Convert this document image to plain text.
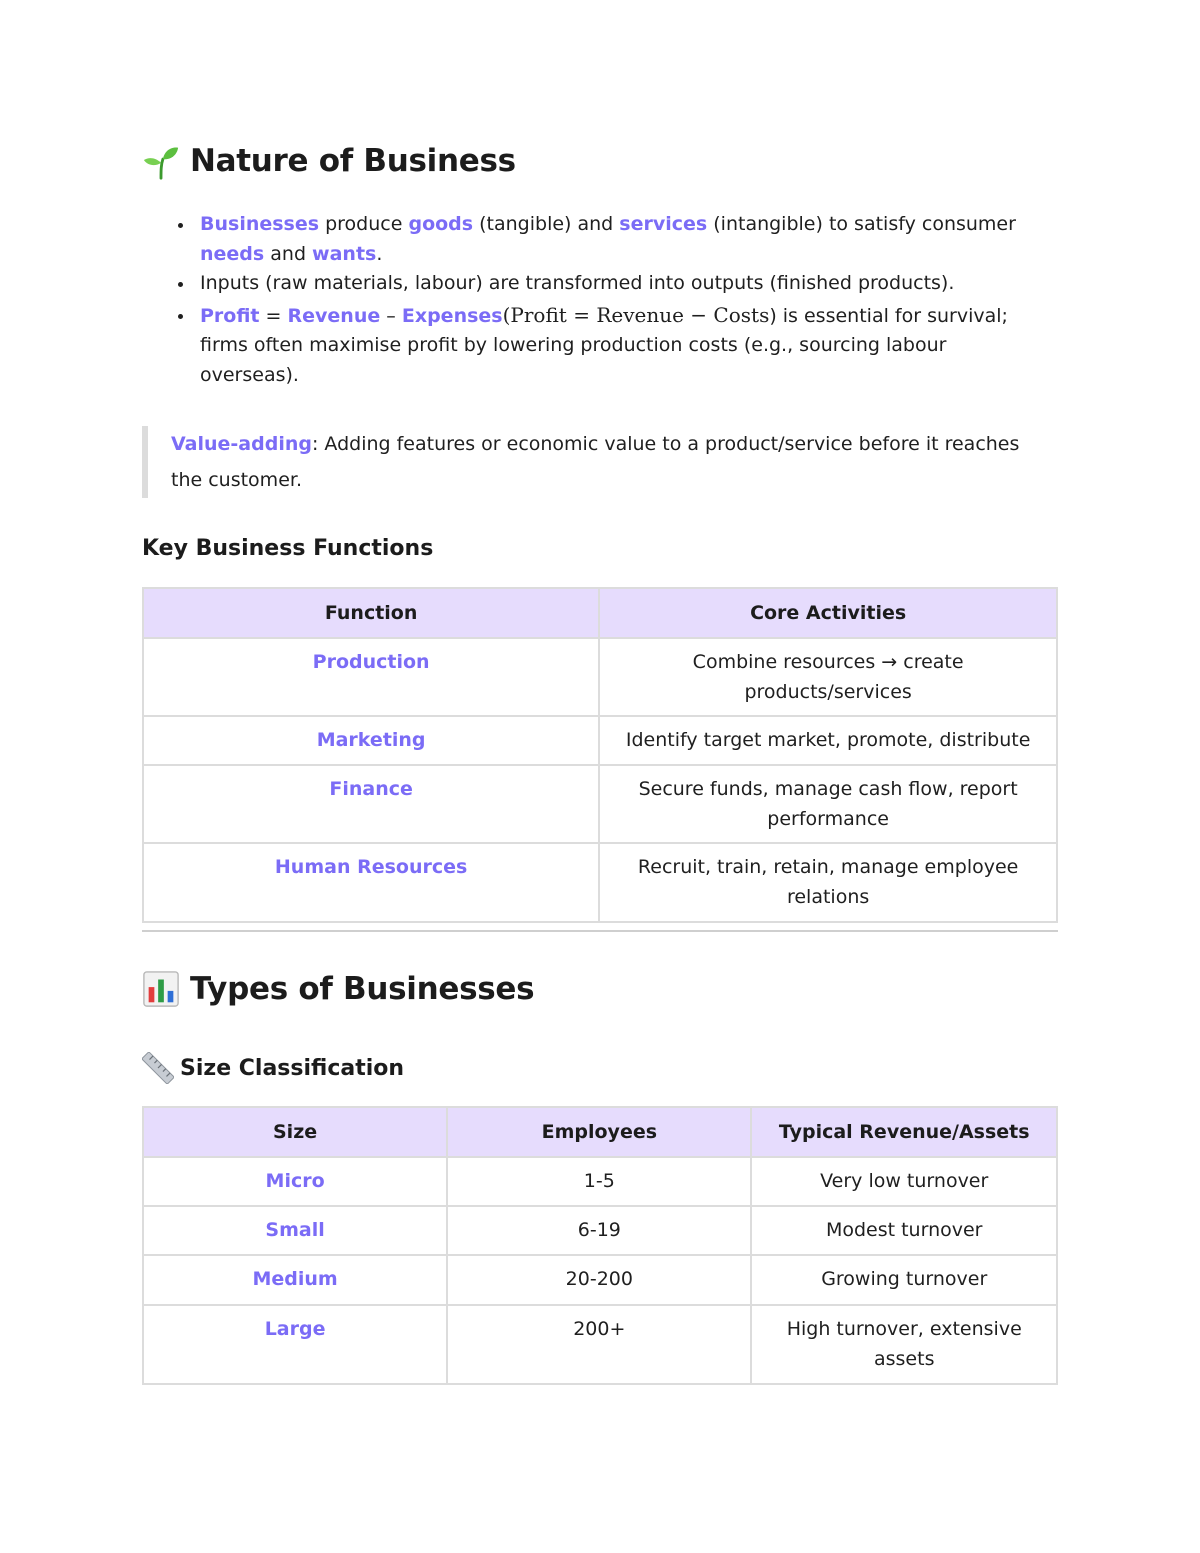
Nature of Business
Businesses produce goods (tangible) and services (intangible) to satisfy consumer needs and wants.
Inputs (raw materials, labour) are transformed into outputs (finished products).
Profit = Revenue – Expenses(Profit = Revenue − Costs) is essential for survival; firms often maximise profit by lowering production costs (e.g., sourcing labour overseas).
Value-adding: Adding features or economic value to a product/service before it reaches the customer.
Key Business Functions
Function	Core Activities
Production	Combine resources → create products/services
Marketing	Identify target market, promote, distribute
Finance	Secure funds, manage cash flow, report performance
Human Resources	Recruit, train, retain, manage employee relations
Types of Businesses
Size Classification
Size	Employees	Typical Revenue/Assets
Micro	1-5	Very low turnover
Small	6-19	Modest turnover
Medium	20-200	Growing turnover
Large	200+	High turnover, extensive assets
